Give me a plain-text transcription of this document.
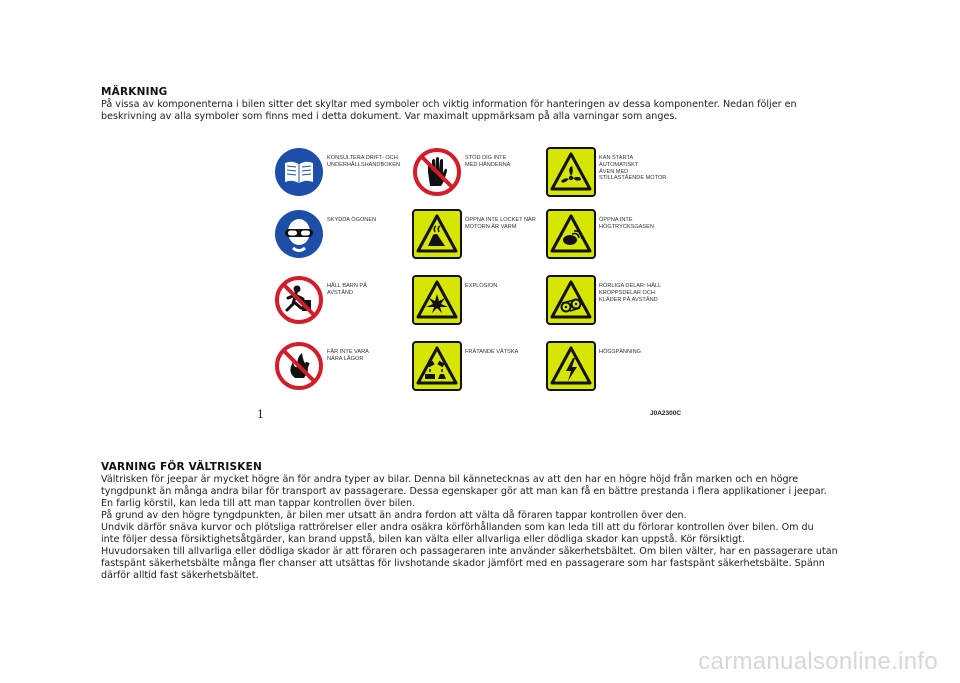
MÄRKNING

På vissa av komponenterna i bilen sitter det skyltar med symboler och viktig information för hanteringen av dessa komponenter. Nedan följer en
beskrivning av alla symboler som finns med i detta dokument. Var maximalt uppmärksam på alla varningar som anges.

KONSULTERA DRIFT- OCH
UNDERHÅLLSHANDBOKEN
SKYDDA ÖGONEN
HÅLL BARN PÅ
AVSTÅND
FÅR INTE VARA
NÄRA LÅGOR
STÖD DIG INTE
MED HÄNDERNA
ÖPPNA INTE LOCKET NÄR
MOTORN ÄR VARM
EXPLOSION
FRÄTANDE VÄTSKA
KAN STARTA
AUTOMATISKT
ÄVEN MED
STILLASTÅENDE MOTOR
ÖPPNA INTE
HÖGTRYCKSGASEN
RÖRLIGA DELAR: HÅLL
KROPPSDELAR OCH
KLÄDER PÅ AVSTÅND
HÖGSPÄNNING
1	J0A2300C
VARNING FÖR VÄLTRISKEN

Vältrisken för jeepar är mycket högre än för andra typer av bilar. Denna bil kännetecknas av att den har en högre höjd från marken och en högre
tyngdpunkt än många andra bilar för transport av passagerare. Dessa egenskaper gör att man kan få en bättre prestanda i flera applikationer i jeepar.
En farlig körstil, kan leda till att man tappar kontrollen över bilen.
På grund av den högre tyngdpunkten, är bilen mer utsatt än andra fordon att välta då föraren tappar kontrollen över den.
Undvik därför snäva kurvor och plötsliga rattrörelser eller andra osäkra körförhållanden som kan leda till att du förlorar kontrollen över bilen. Om du
inte följer dessa försiktighetsåtgärder, kan brand uppstå, bilen kan välta eller allvarliga eller dödliga skador kan uppstå. Kör försiktigt.
Huvudorsaken till allvarliga eller dödliga skador är att föraren och passageraren inte använder säkerhetsbältet. Om bilen välter, har en passagerare utan
fastspänt säkerhetsbälte många fler chanser att utsättas för livshotande skador jämfört med en passagerare som har fastspänt säkerhetsbälte. Spänn
därför alltid fast säkerhetsbältet.

carmanualsonline.info
